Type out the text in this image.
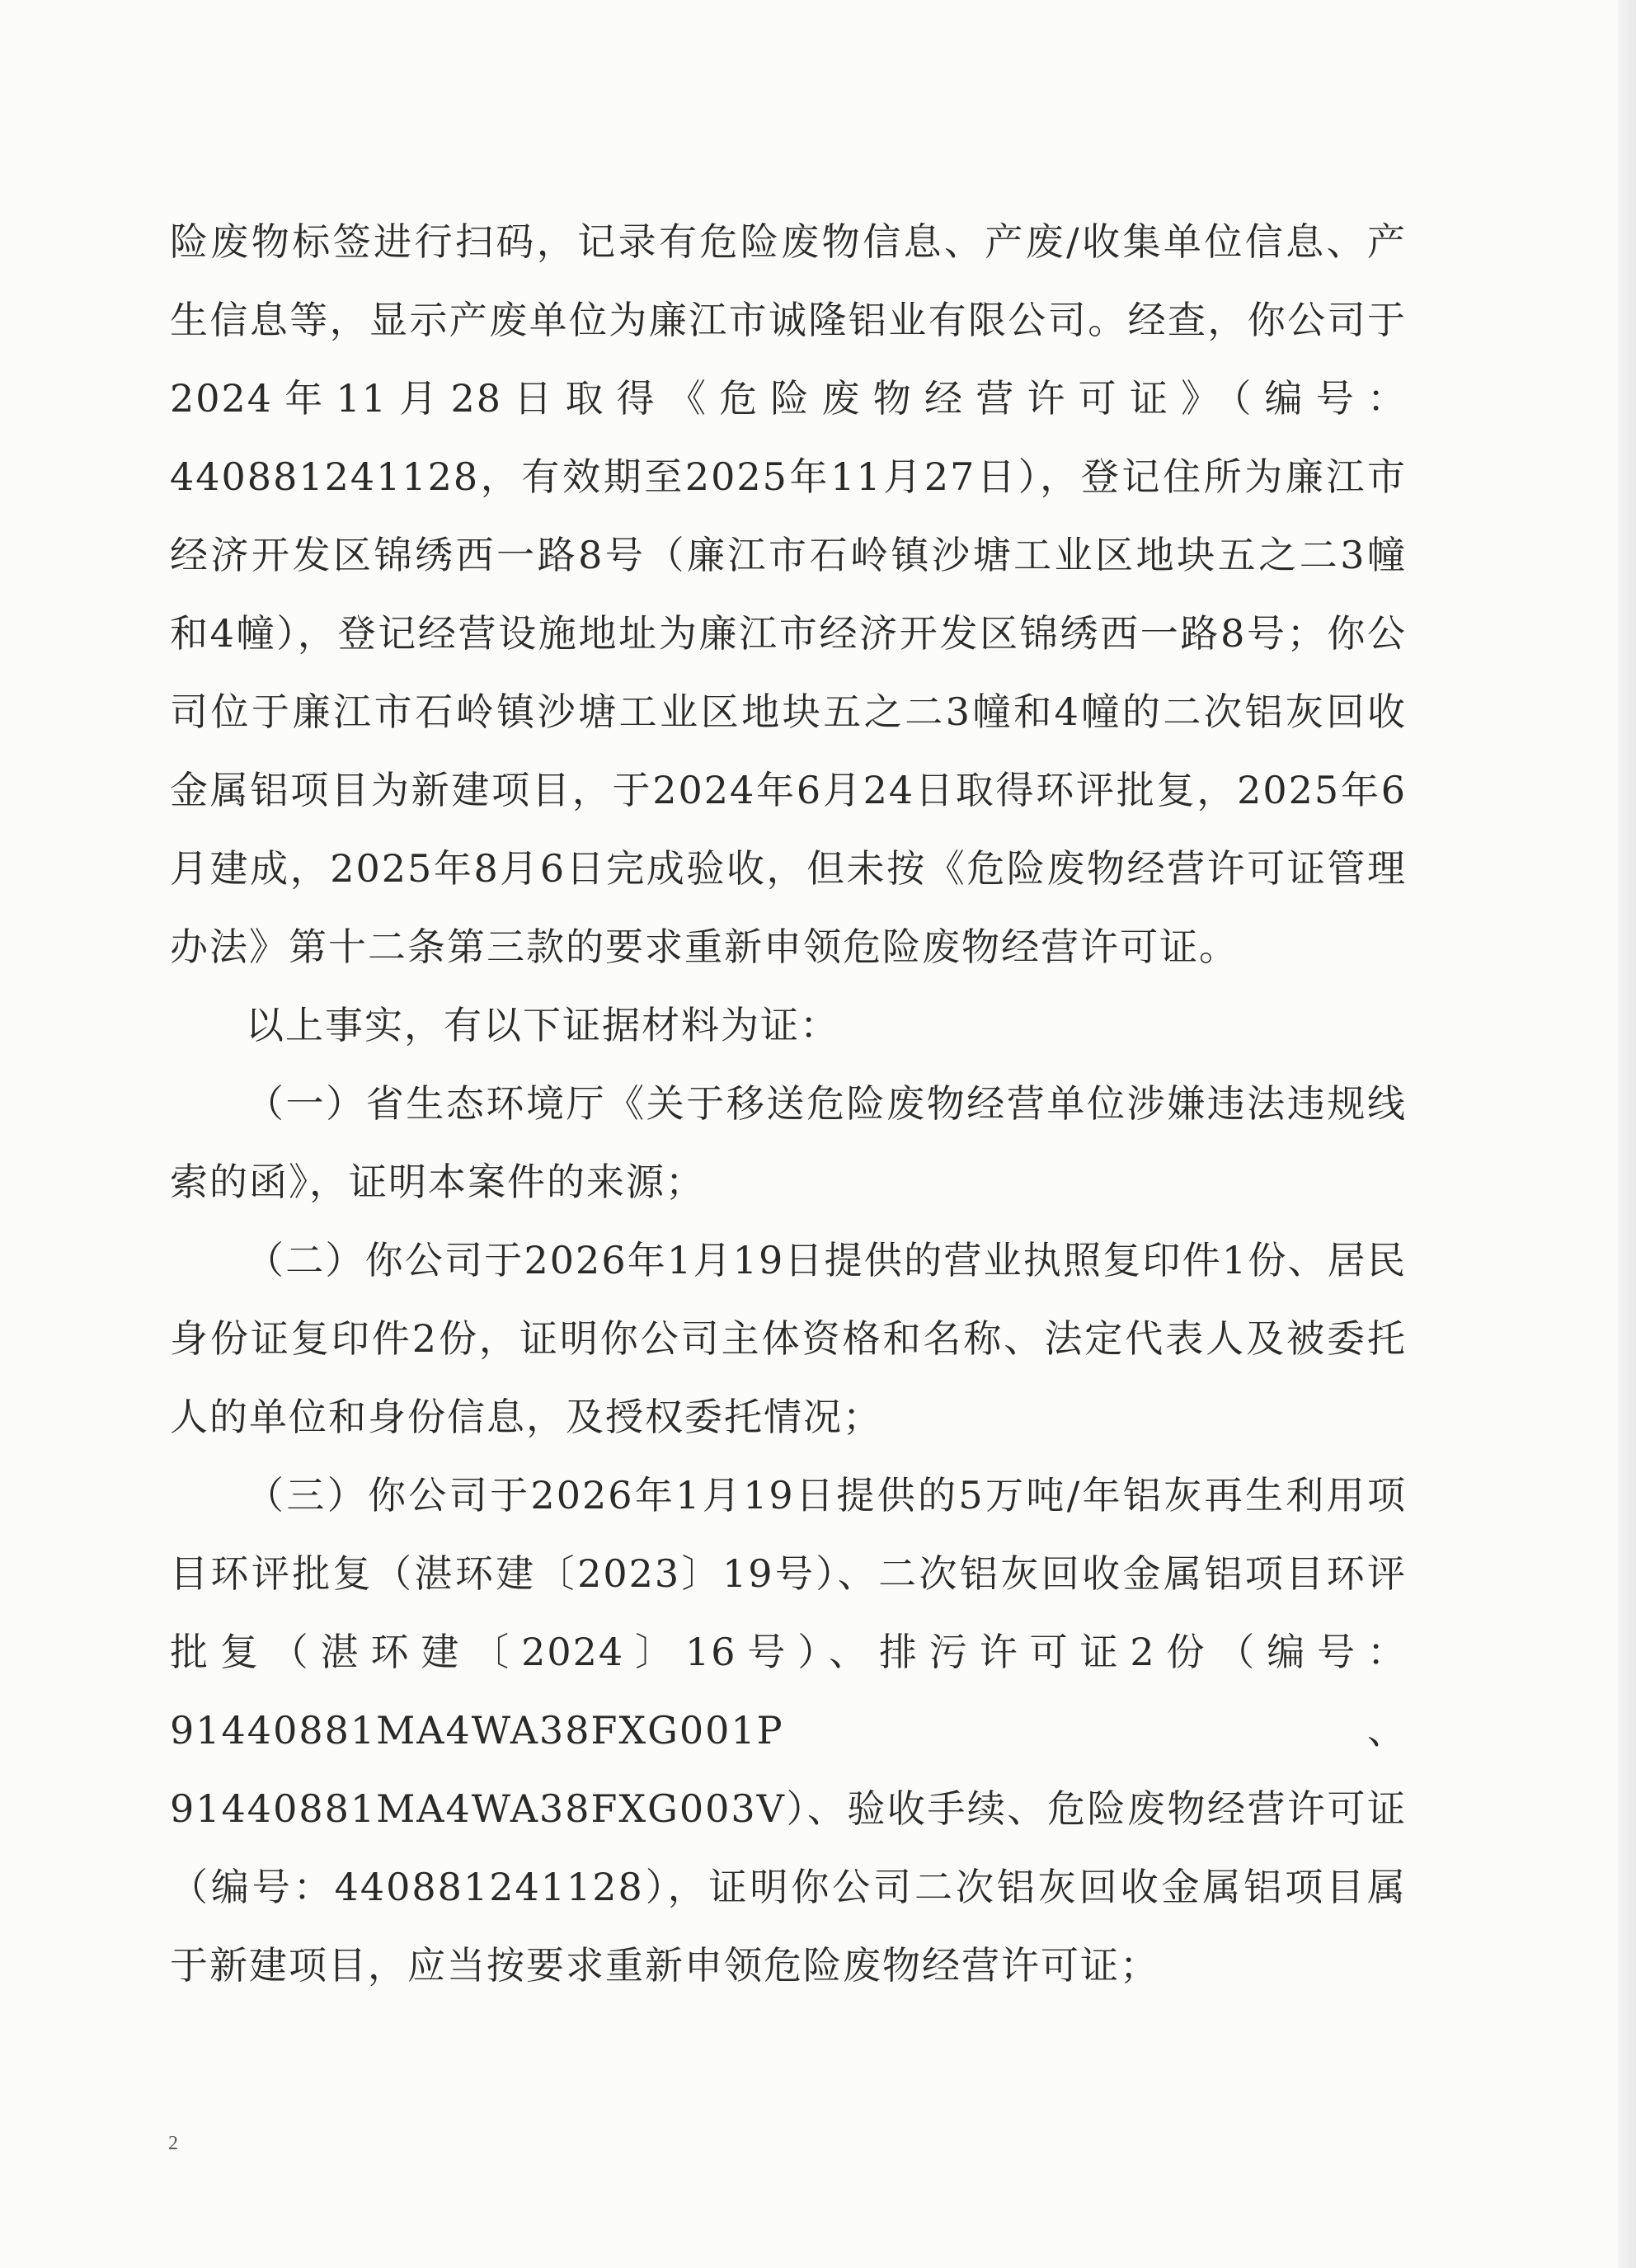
险废物标签进行扫码，记录有危险废物信息、产废/收集单位信息、产生信息等，显示产废单位为廉江市诚隆铝业有限公司。经查，你公司于2024年11月28日取得《危险废物经营许可证》（编号：440881241128，有效期至2025年11月27日），登记住所为廉江市经济开发区锦绣西一路8号（廉江市石岭镇沙塘工业区地块五之二3幢和4幢），登记经营设施地址为廉江市经济开发区锦绣西一路8号；你公司位于廉江市石岭镇沙塘工业区地块五之二3幢和4幢的二次铝灰回收金属铝项目为新建项目，于2024年6月24日取得环评批复，2025年6月建成，2025年8月6日完成验收，但未按《危险废物经营许可证管理办法》第十二条第三款的要求重新申领危险废物经营许可证。

以上事实，有以下证据材料为证：

（一）省生态环境厅《关于移送危险废物经营单位涉嫌违法违规线索的函》，证明本案件的来源；

（二）你公司于2026年1月19日提供的营业执照复印件1份、居民身份证复印件2份，证明你公司主体资格和名称、法定代表人及被委托人的单位和身份信息，及授权委托情况；

（三）你公司于2026年1月19日提供的5万吨/年铝灰再生利用项目环评批复（湛环建〔2023〕19号）、二次铝灰回收金属铝项目环评批复（湛环建〔2024〕16号）、排污许可证2份（编号：91440881MA4WA38FXG001P、91440881MA4WA38FXG003V）、验收手续、危险废物经营许可证（编号：440881241128），证明你公司二次铝灰回收金属铝项目属于新建项目，应当按要求重新申领危险废物经营许可证；

2
